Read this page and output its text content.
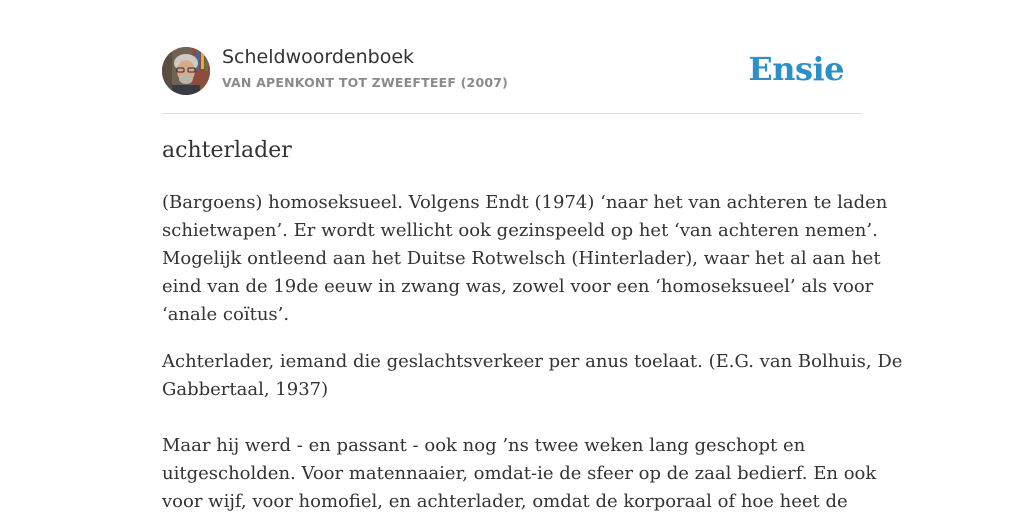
Scheldwoordenboek
VAN APENKONT TOT ZWEEFTEEF (2007)	Ensie
achterlader

(Bargoens) homoseksueel. Volgens Endt (1974) ‘naar het van achteren te laden

schietwapen’. Er wordt wellicht ook gezinspeeld op het ‘van achteren nemen’.

Mogelijk ontleend aan het Duitse Rotwelsch (Hinterlader), waar het al aan het

eind van de 19de eeuw in zwang was, zowel voor een ‘homoseksueel’ als voor

‘anale coïtus’.

Achterlader, iemand die geslachtsverkeer per anus toelaat. (E.G. van Bolhuis, De

Gabbertaal, 1937)

Maar hij werd - en passant - ook nog ’ns twee weken lang geschopt en

uitgescholden. Voor matennaaier, omdat-ie de sfeer op de zaal bedierf. En ook

voor wijf, voor homofiel, en achterlader, omdat de korporaal of hoe heet de
